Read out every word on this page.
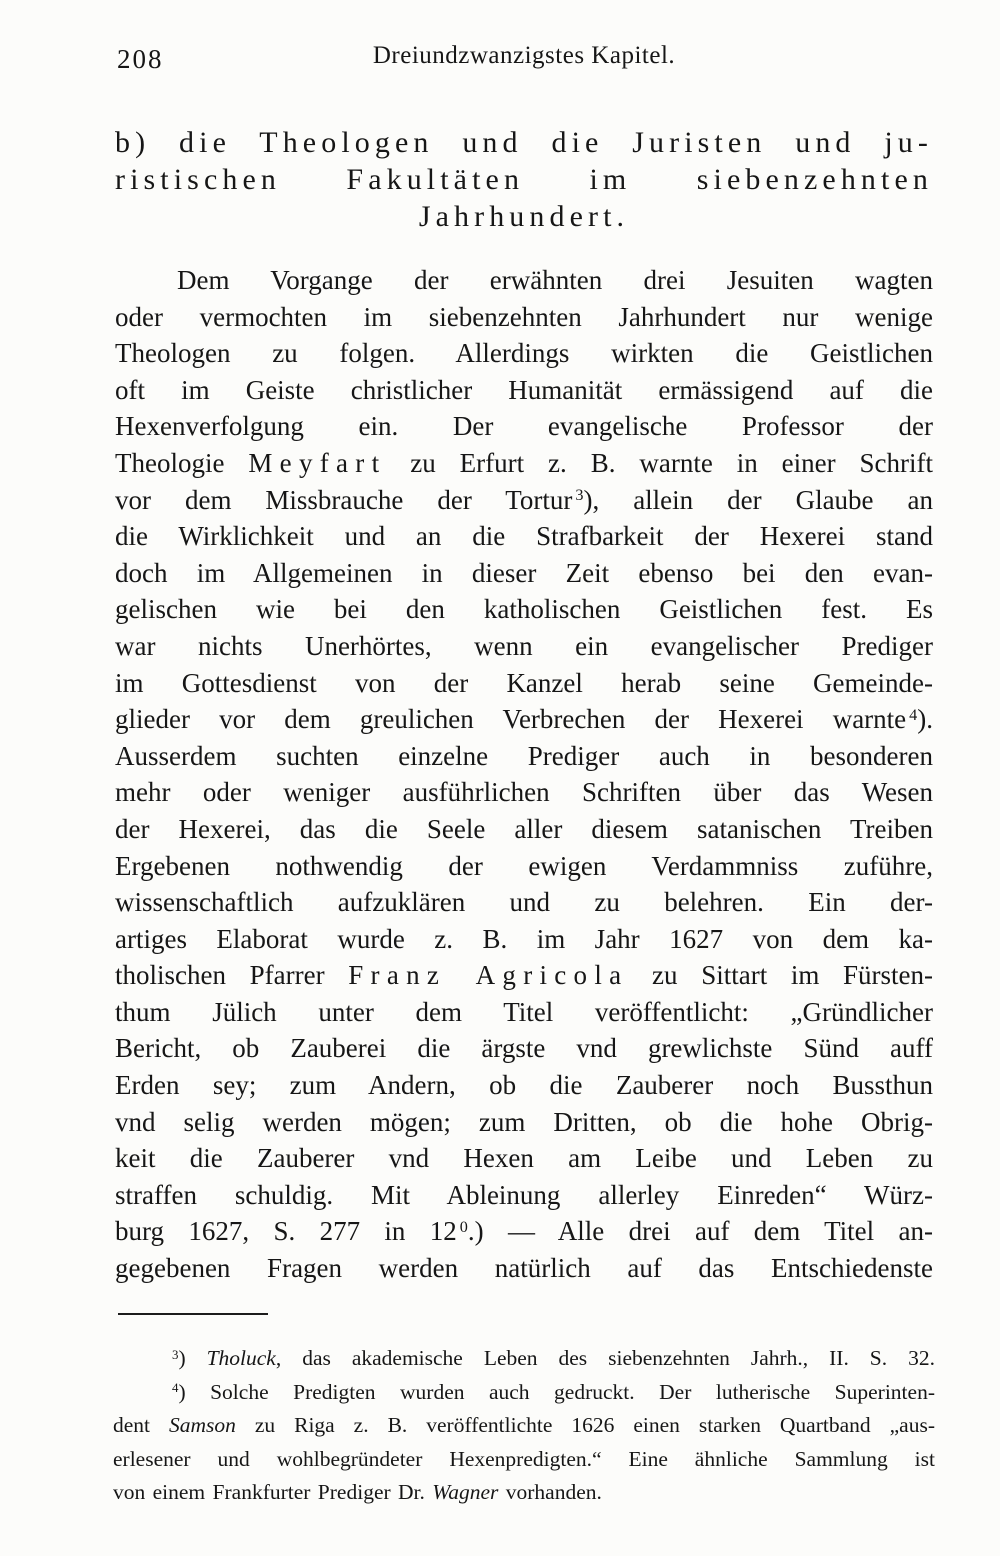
208	Dreiundzwanzigstes Kapitel.
b) die Theologen und die Juristen und ju-
ristischen Fakultäten im siebenzehnten
Jahrhundert.
Dem Vorgange der erwähnten drei Jesuiten wagten
oder vermochten im siebenzehnten Jahrhundert nur wenige
Theologen zu folgen. Allerdings wirkten die Geistlichen
oft im Geiste christlicher Humanität ermässigend auf die
Hexenverfolgung ein. Der evangelische Professor der
Theologie Meyfart zu Erfurt z. B. warnte in einer Schrift
vor dem Missbrauche der Tortur $^3$), allein der Glaube an
die Wirklichkeit und an die Strafbarkeit der Hexerei stand
doch im Allgemeinen in dieser Zeit ebenso bei den evan-
gelischen wie bei den katholischen Geistlichen fest. Es
war nichts Unerhörtes, wenn ein evangelischer Prediger
im Gottesdienst von der Kanzel herab seine Gemeinde-
glieder vor dem greulichen Verbrechen der Hexerei warnte $^4$).
Ausserdem suchten einzelne Prediger auch in besonderen
mehr oder weniger ausführlichen Schriften über das Wesen
der Hexerei, das die Seele aller diesem satanischen Treiben
Ergebenen nothwendig der ewigen Verdammniss zuführe,
wissenschaftlich aufzuklären und zu belehren. Ein der-
artiges Elaborat wurde z. B. im Jahr 1627 von dem ka-
tholischen Pfarrer Franz Agricola zu Sittart im Fürsten-
thum Jülich unter dem Titel veröffentlicht: „Gründlicher
Bericht, ob Zauberei die ärgste vnd grewlichste Sünd auff
Erden sey; zum Andern, ob die Zauberer noch Bussthun
vnd selig werden mögen; zum Dritten, ob die hohe Obrig-
keit die Zauberer vnd Hexen am Leibe und Leben zu
straffen schuldig. Mit Ableinung allerley Einreden“ Würz-
burg 1627, S. 277 in 12 $^0$.) — Alle drei auf dem Titel an-
gegebenen Fragen werden natürlich auf das Entschiedenste
$^3$) Tholuck, das akademische Leben des siebenzehnten Jahrh., II. S. 32.
$^4$) Solche Predigten wurden auch gedruckt. Der lutherische Superinten-
dent Samson zu Riga z. B. veröffentlichte 1626 einen starken Quartband „aus-
erlesener und wohlbegründeter Hexenpredigten.“ Eine ähnliche Sammlung ist
von einem Frankfurter Prediger Dr. Wagner vorhanden.
